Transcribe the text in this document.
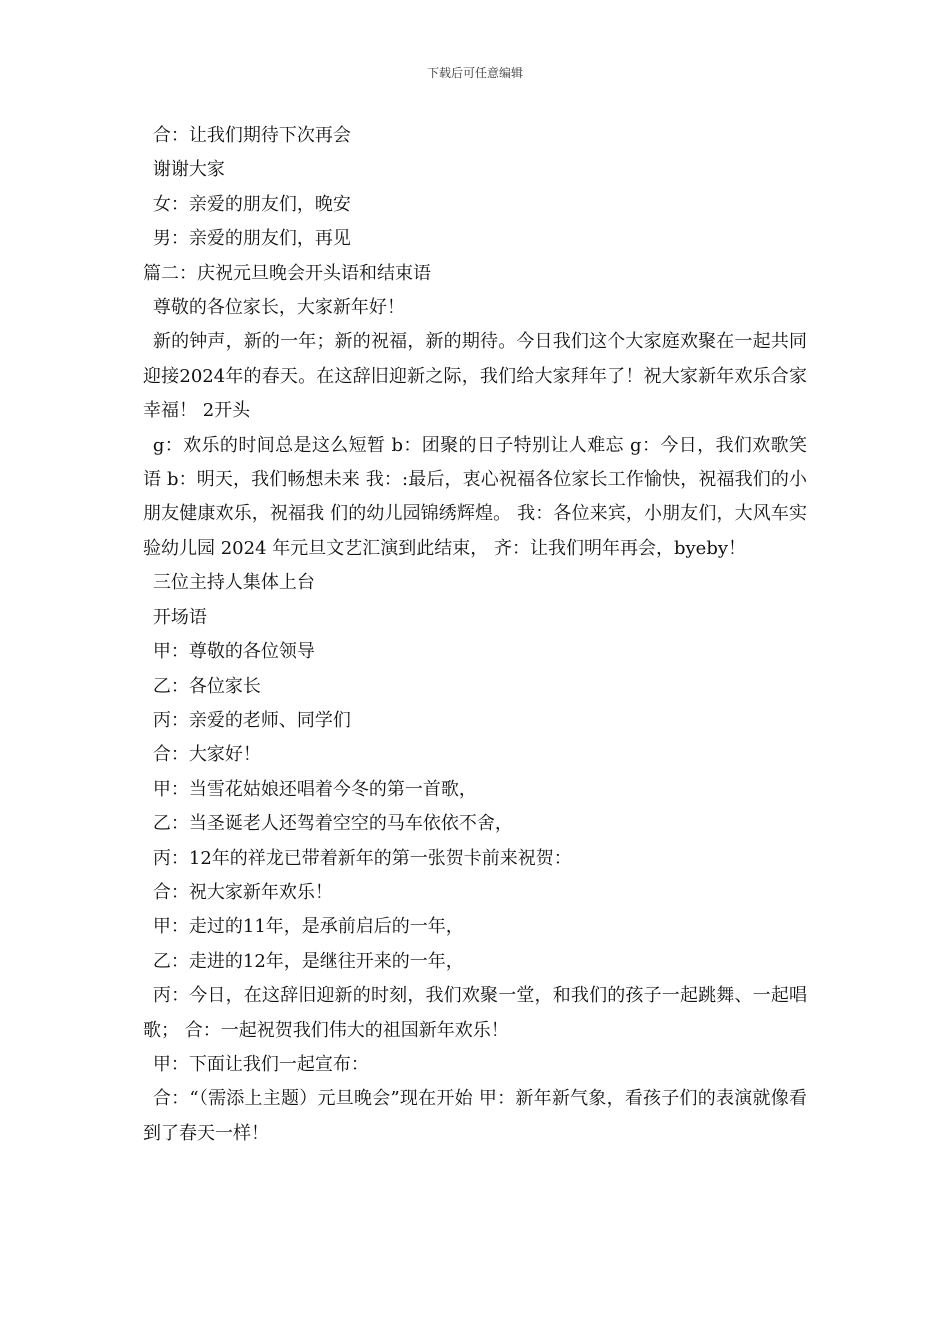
下载后可任意编辑

合：让我们期待下次再会

谢谢大家

女：亲爱的朋友们，晚安

男：亲爱的朋友们，再见

篇二：庆祝元旦晚会开头语和结束语

尊敬的各位家长，大家新年好！

新的钟声，新的一年；新的祝福，新的期待。今日我们这个大家庭欢聚在一起共同迎接2024年的春天。在这辞旧迎新之际，我们给大家拜年了！祝大家新年欢乐合家幸福！ 2开头

g：欢乐的时间总是这么短暂 b：团聚的日子特别让人难忘 g：今日，我们欢歌笑语 b：明天，我们畅想未来 我：:最后，衷心祝福各位家长工作愉快，祝福我们的小朋友健康欢乐，祝福我 们的幼儿园锦绣辉煌。 我：各位来宾，小朋友们，大风车实验幼儿园 2024 年元旦文艺汇演到此结束， 齐：让我们明年再会，byeby！

三位主持人集体上台

开场语

甲：尊敬的各位领导

乙：各位家长

丙：亲爱的老师、同学们

合：大家好！

甲：当雪花姑娘还唱着今冬的第一首歌，

乙：当圣诞老人还驾着空空的马车依依不舍，

丙：12年的祥龙已带着新年的第一张贺卡前来祝贺：

合：祝大家新年欢乐！

甲：走过的11年，是承前启后的一年，

乙：走进的12年，是继往开来的一年，

丙：今日，在这辞旧迎新的时刻，我们欢聚一堂，和我们的孩子一起跳舞、一起唱歌； 合：一起祝贺我们伟大的祖国新年欢乐！

甲：下面让我们一起宣布：

合：“（需添上主题）元旦晚会”现在开始 甲：新年新气象，看孩子们的表演就像看到了春天一样！
